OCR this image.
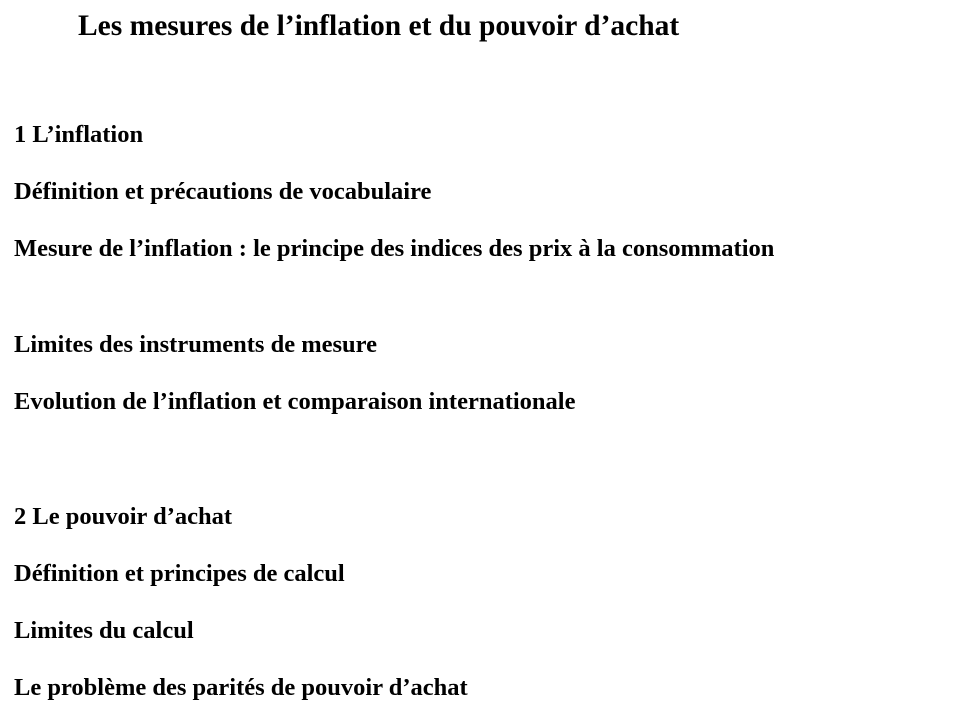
Les mesures de l’inflation et du pouvoir d’achat
1 L’inflation
Définition et précautions de vocabulaire
Mesure de l’inflation : le principe des indices des prix à la consommation
Limites des instruments de mesure
Evolution de l’inflation et comparaison internationale
2 Le pouvoir d’achat
Définition et principes de calcul
Limites du calcul
Le problème des parités de pouvoir d’achat
